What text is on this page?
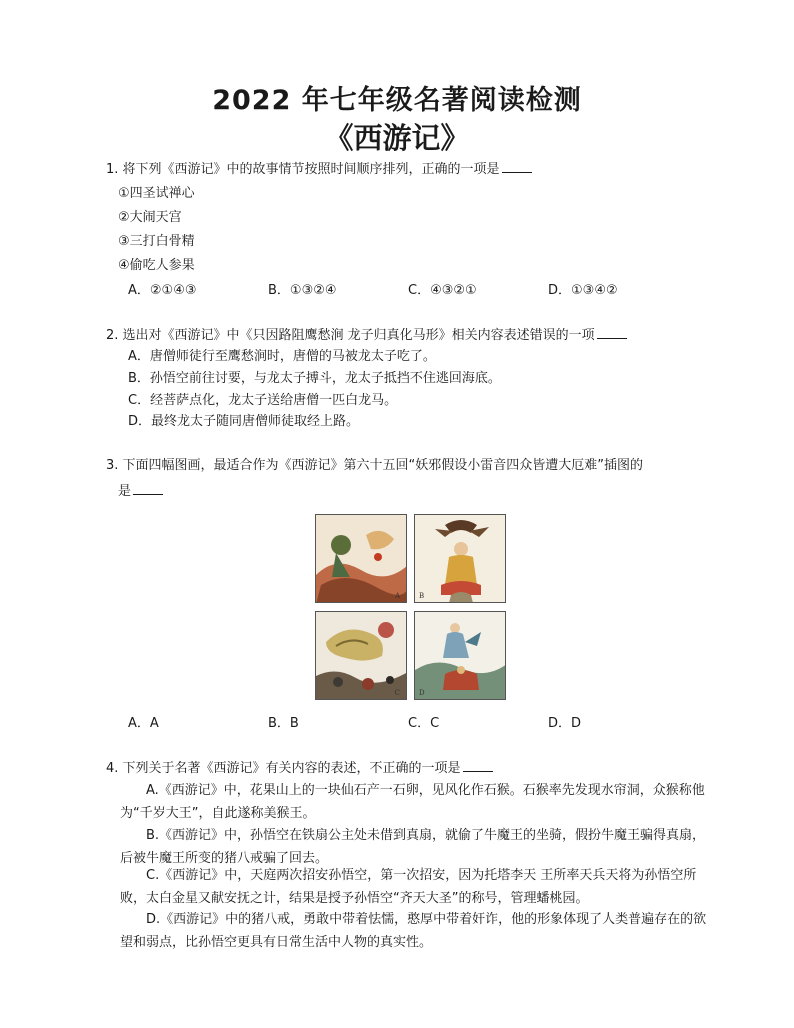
2022 年七年级名著阅读检测
《西游记》
1. 将下列《西游记》中的故事情节按照时间顺序排列，正确的一项是
①四圣试禅心
②大闹天宫
③三打白骨精
④偷吃人参果
A．②①④③	B．①③②④	C．④③②①	D．①③④②
2. 选出对《西游记》中《只因路阻鹰愁涧 龙子归真化马形》相关内容表述错误的一项
A．唐僧师徒行至鹰愁涧时，唐僧的马被龙太子吃了。
B．孙悟空前往讨要，与龙太子搏斗，龙太子抵挡不住逃回海底。
C．经菩萨点化，龙太子送给唐僧一匹白龙马。
D．最终龙太子随同唐僧师徒取经上路。
3. 下面四幅图画，最适合作为《西游记》第六十五回“妖邪假设小雷音四众皆遭大厄难”插图的
是
A	B
C	D
A．A	B．B	C．C	D．D
4. 下列关于名著《西游记》有关内容的表述，不正确的一项是
A.《西游记》中，花果山上的一块仙石产一石卵，见风化作石猴。石猴率先发现水帘洞，众猴称他为“千岁大王”，自此遂称美猴王。
B.《西游记》中，孙悟空在铁扇公主处未借到真扇，就偷了牛魔王的坐骑，假扮牛魔王骗得真扇，后被牛魔王所变的猪八戒骗了回去。
C.《西游记》中，天庭两次招安孙悟空，第一次招安，因为托塔李天 王所率天兵天将为孙悟空所败，太白金星又献安抚之计，结果是授予孙悟空“齐天大圣”的称号，管理蟠桃园。
D.《西游记》中的猪八戒，勇敢中带着怯懦，憨厚中带着奸诈，他的形象体现了人类普遍存在的欲望和弱点，比孙悟空更具有日常生活中人物的真实性。
